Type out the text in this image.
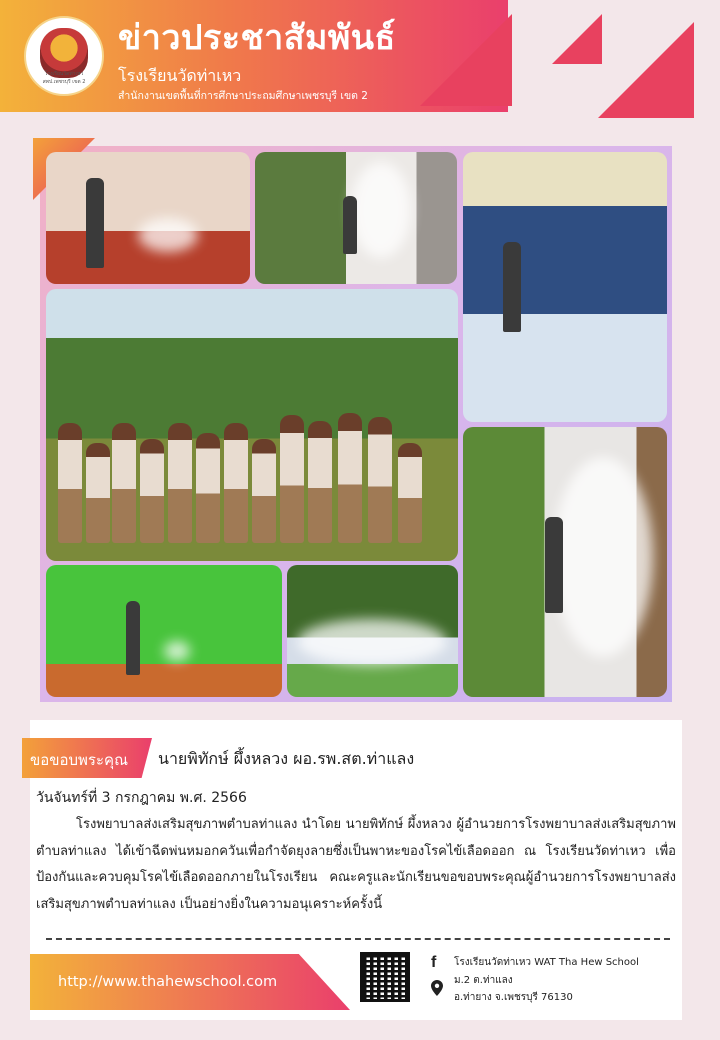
โรงเรียนวัดท่าเหว สพป.เพชรบุรี เขต 2
ข่าวประชาสัมพันธ์
โรงเรียนวัดท่าเหว
สำนักงานเขตพื้นที่การศึกษาประถมศึกษาเพชรบุรี เขต 2
ขอขอบพระคุณ นายพิทักษ์ ผึ้งหลวง ผอ.รพ.สต.ท่าแลง
วันจันทร์ที่ 3 กรกฎาคม พ.ศ. 2566
โรงพยาบาลส่งเสริมสุขภาพตำบลท่าแลง นำโดย นายพิทักษ์ ผึ้งหลวง ผู้อำนวยการโรงพยาบาลส่งเสริมสุขภาพตำบลท่าแลง ได้เข้าฉีดพ่นหมอกควันเพื่อกำจัดยุงลายซึ่งเป็นพาหะของโรคไข้เลือดออก ณ โรงเรียนวัดท่าเหว เพื่อป้องกันและควบคุมโรคไข้เลือดออกภายในโรงเรียน คณะครูและนักเรียนขอขอบพระคุณผู้อำนวยการโรงพยาบาลส่งเสริมสุขภาพตำบลท่าแลง เป็นอย่างยิ่งในความอนุเคราะห์ครั้งนี้
http://www.thahewschool.com
f	โรงเรียนวัดท่าเหว WAT Tha Hew School
ม.2 ต.ท่าแลง
อ.ท่ายาง จ.เพชรบุรี 76130
